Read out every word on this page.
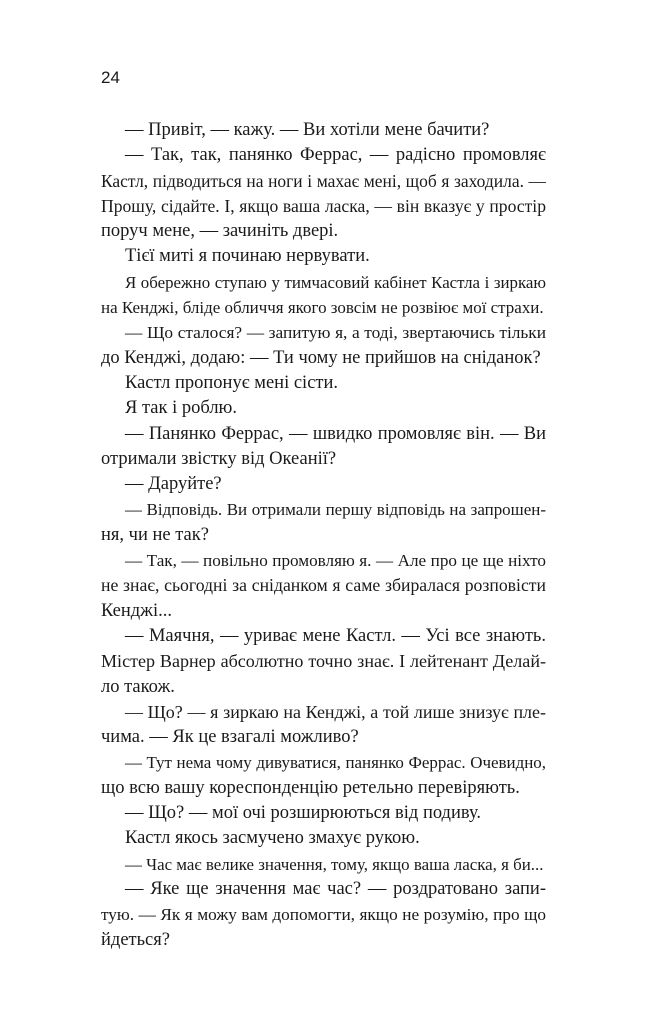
24
— Привіт, — кажу. — Ви хотіли мене бачити?
— Так, так, панянко Феррас, — радісно промовляє
Кастл, підводиться на ноги і махає мені, щоб я заходила. —
Прошу, сідайте. І, якщо ваша ласка, — він вказує у простір
пoруч мене, — зачиніть двері.
Тієї миті я починаю нервувати.
Я обережно ступаю у тимчасовий кабінет Кастла і зиркаю
на Кенджі, бліде обличчя якого зовсім не розвіює мої страхи.
— Що сталося? — запитую я, а тоді, звертаючись тільки
до Кенджі, додаю: — Ти чому не прийшов на сніданок?
Кастл пропонує мені сісти.
Я так і роблю.
— Панянко Феррас, — швидко промовляє він. — Ви
отримали звістку від Океанії?
— Даруйте?
— Відповідь. Ви отримали першу відповідь на запрошен-
ня, чи не так?
— Так, — повільно промовляю я. — Але про це ще ніхто
не знає, сьогодні за сніданком я саме збиралася розповісти
Кенджі...
— Маячня, — уриває мене Кастл. — Усі все знають.
Містер Варнер абсолютно точно знає. І лейтенант Делай-
ло також.
— Що? — я зиркаю на Кенджі, а той лише знизує пле-
чима. — Як це взагалі можливо?
— Тут нема чому дивуватися, панянко Феррас. Очевидно,
що всю вашу кореспонденцію ретельно перевіряють.
— Що? — мої очі розширюються від подиву.
Кастл якось засмучено змахує рукою.
— Час має велике значення, тому, якщо ваша ласка, я би...
— Яке ще значення має час? — роздратовано запи-
тую. — Як я можу вам допомогти, якщо не розумію, про що
йдеться?
